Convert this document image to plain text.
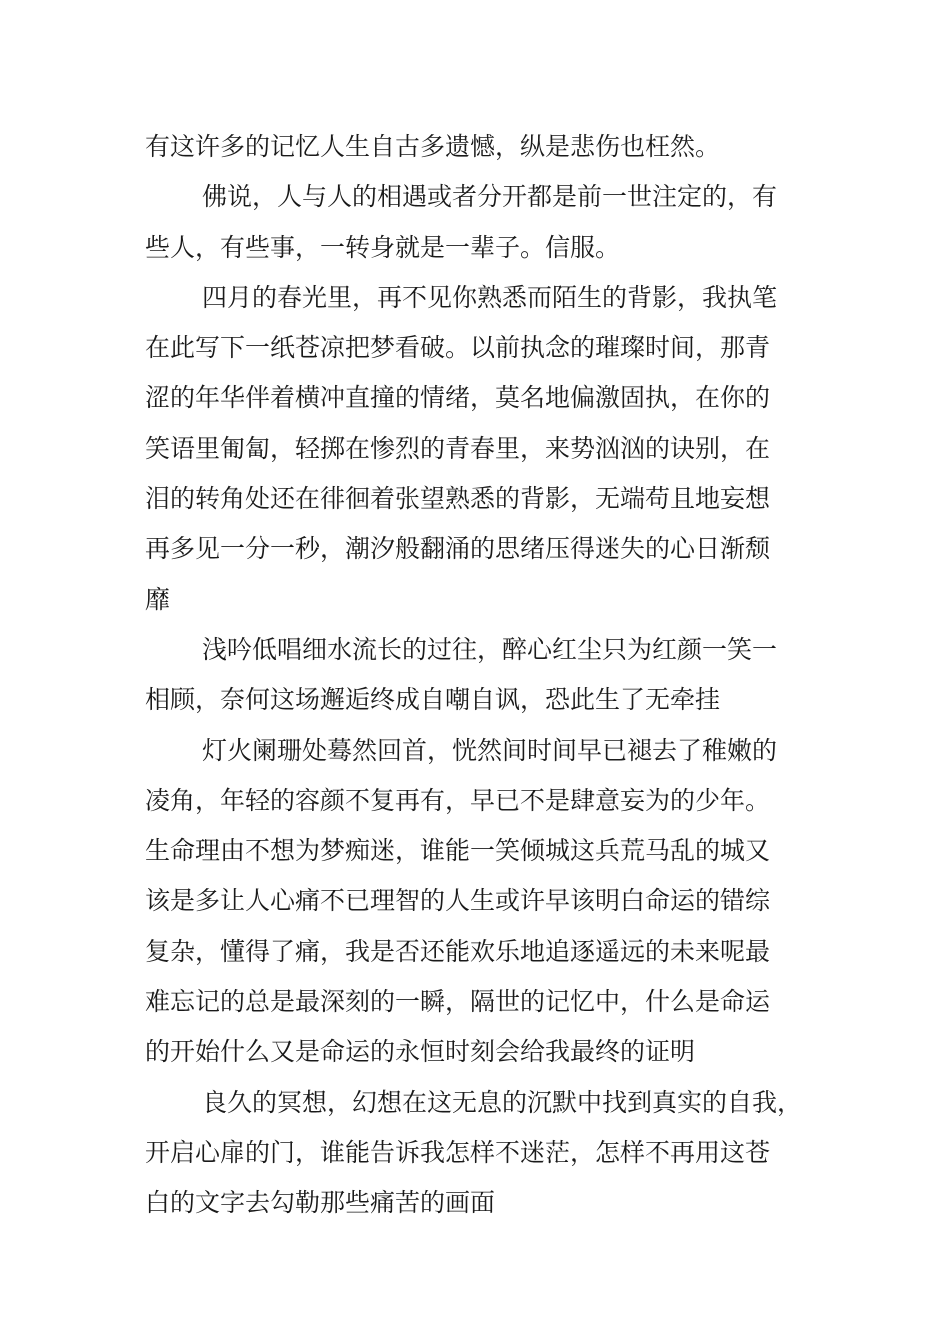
有这许多的记忆人生自古多遗憾，纵是悲伤也枉然。
佛说，人与人的相遇或者分开都是前一世注定的，有
些人，有些事，一转身就是一辈子。信服。
四月的春光里，再不见你熟悉而陌生的背影，我执笔
在此写下一纸苍凉把梦看破。以前执念的璀璨时间，那青
涩的年华伴着横冲直撞的情绪，莫名地偏激固执，在你的
笑语里匍匐，轻掷在惨烈的青春里，来势汹汹的诀别，在
泪的转角处还在徘徊着张望熟悉的背影，无端苟且地妄想
再多见一分一秒，潮汐般翻涌的思绪压得迷失的心日渐颓
靡
浅吟低唱细水流长的过往，醉心红尘只为红颜一笑一
相顾，奈何这场邂逅终成自嘲自讽，恐此生了无牵挂
灯火阑珊处蓦然回首，恍然间时间早已褪去了稚嫩的
凌角，年轻的容颜不复再有，早已不是肆意妄为的少年。
生命理由不想为梦痴迷，谁能一笑倾城这兵荒马乱的城又
该是多让人心痛不已理智的人生或许早该明白命运的错综
复杂，懂得了痛，我是否还能欢乐地追逐遥远的未来呢最
难忘记的总是最深刻的一瞬，隔世的记忆中，什么是命运
的开始什么又是命运的永恒时刻会给我最终的证明
良久的冥想，幻想在这无息的沉默中找到真实的自我，
开启心扉的门，谁能告诉我怎样不迷茫，怎样不再用这苍
白的文字去勾勒那些痛苦的画面
